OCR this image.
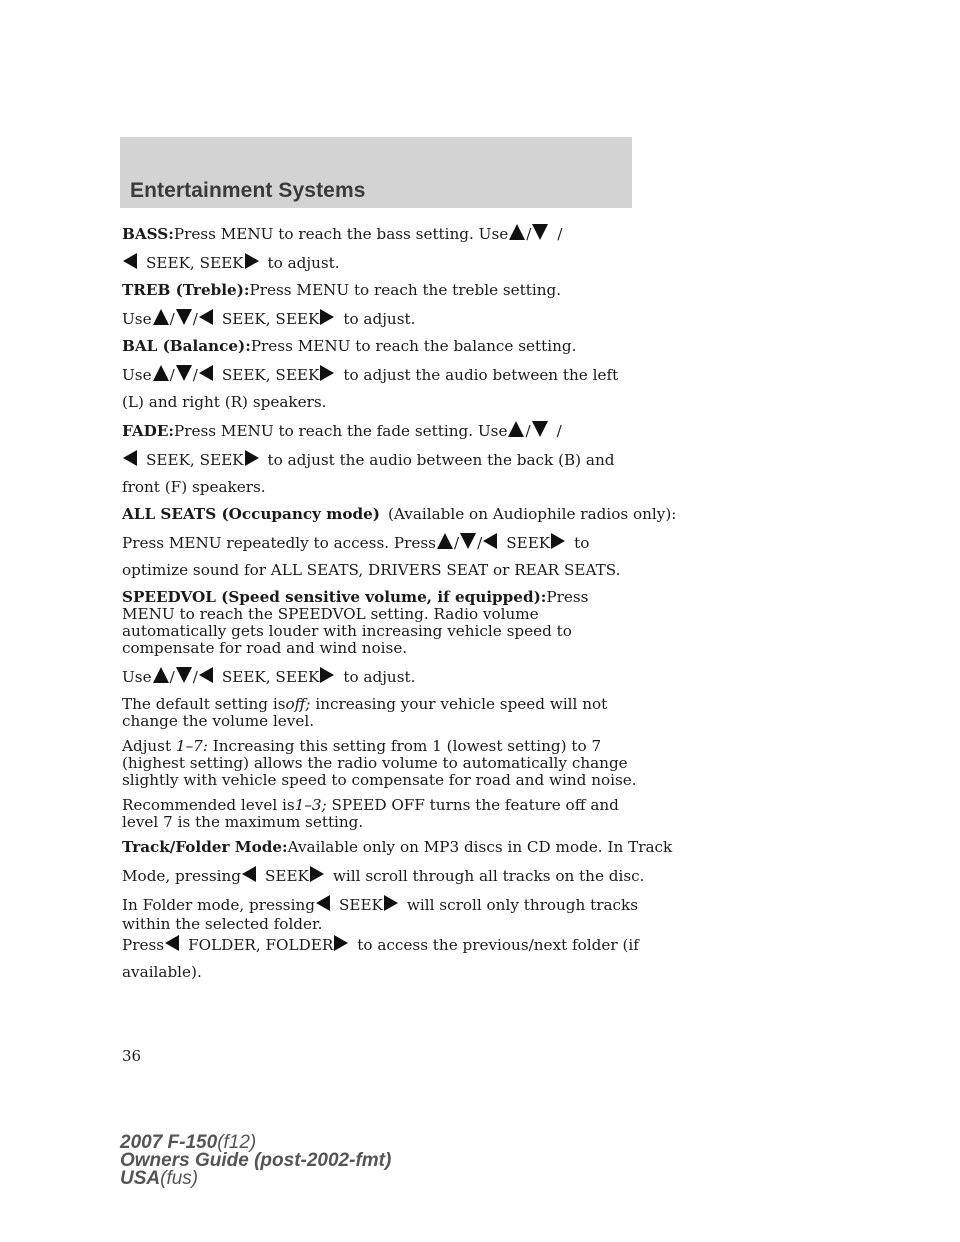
Entertainment Systems
BASS:Press MENU to reach the bass setting. Use / /
SEEK, SEEK to adjust.
TREB (Treble):Press MENU to reach the treble setting.
Use / / SEEK, SEEK to adjust.
BAL (Balance):Press MENU to reach the balance setting.
Use / / SEEK, SEEK to adjust the audio between the left
(L) and right (R) speakers.
FADE:Press MENU to reach the fade setting. Use / /
SEEK, SEEK to adjust the audio between the back (B) and
front (F) speakers.
ALL SEATS (Occupancy mode) (Available on Audiophile radios only):
Press MENU repeatedly to access. Press / / SEEK to
optimize sound for ALL SEATS, DRIVERS SEAT or REAR SEATS.
SPEEDVOL (Speed sensitive volume, if equipped):Press MENU to reach the SPEEDVOL setting. Radio volume automatically gets louder with increasing vehicle speed to compensate for road and wind noise.
Use / / SEEK, SEEK to adjust.

The default setting isoff; increasing your vehicle speed will not change the volume level.

Adjust 1–7: Increasing this setting from 1 (lowest setting) to 7 (highest setting) allows the radio volume to automatically change slightly with vehicle speed to compensate for road and wind noise.

Recommended level is1–3; SPEED OFF turns the feature off and level 7 is the maximum setting.

Track/Folder Mode:Available only on MP3 discs in CD mode. In Track
Mode, pressing SEEK will scroll through all tracks on the disc.
In Folder mode, pressing SEEK will scroll only through tracks
within the selected folder.
Press FOLDER, FOLDER to access the previous/next folder (if
available).

36

2007 F-150(f12)
Owners Guide (post-2002-fmt)
USA(fus)
